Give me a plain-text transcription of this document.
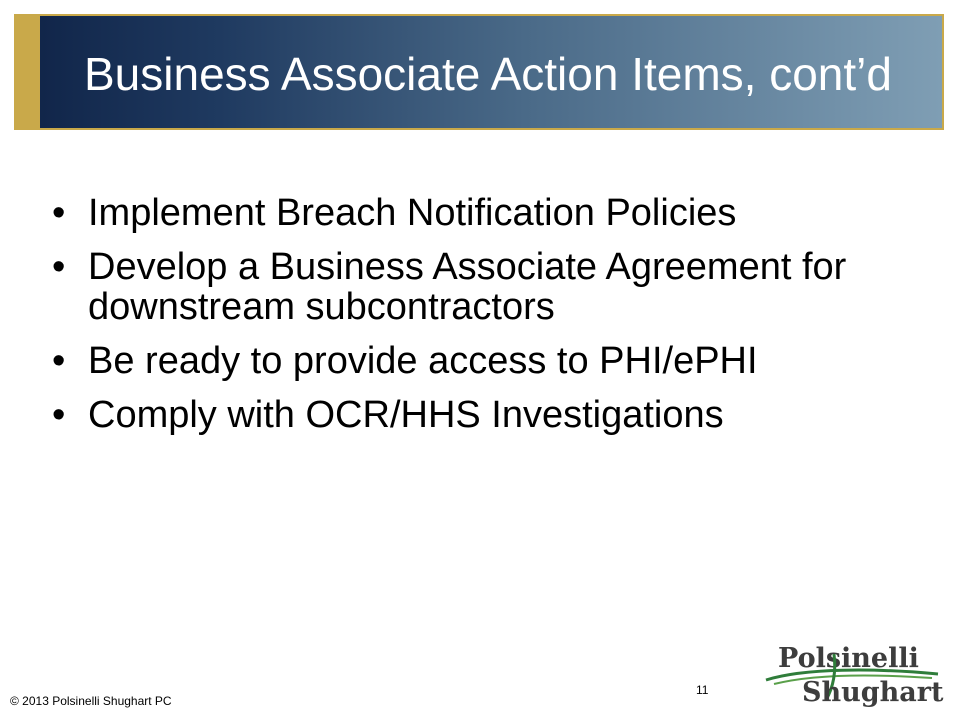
Business Associate Action Items, cont’d
• Implement Breach Notification Policies
• Develop a Business Associate Agreement for downstream subcontractors
• Be ready to provide access to PHI/ePHI
• Comply with OCR/HHS Investigations
© 2013 Polsinelli Shughart PC
11
Polsinelli
Shughart
